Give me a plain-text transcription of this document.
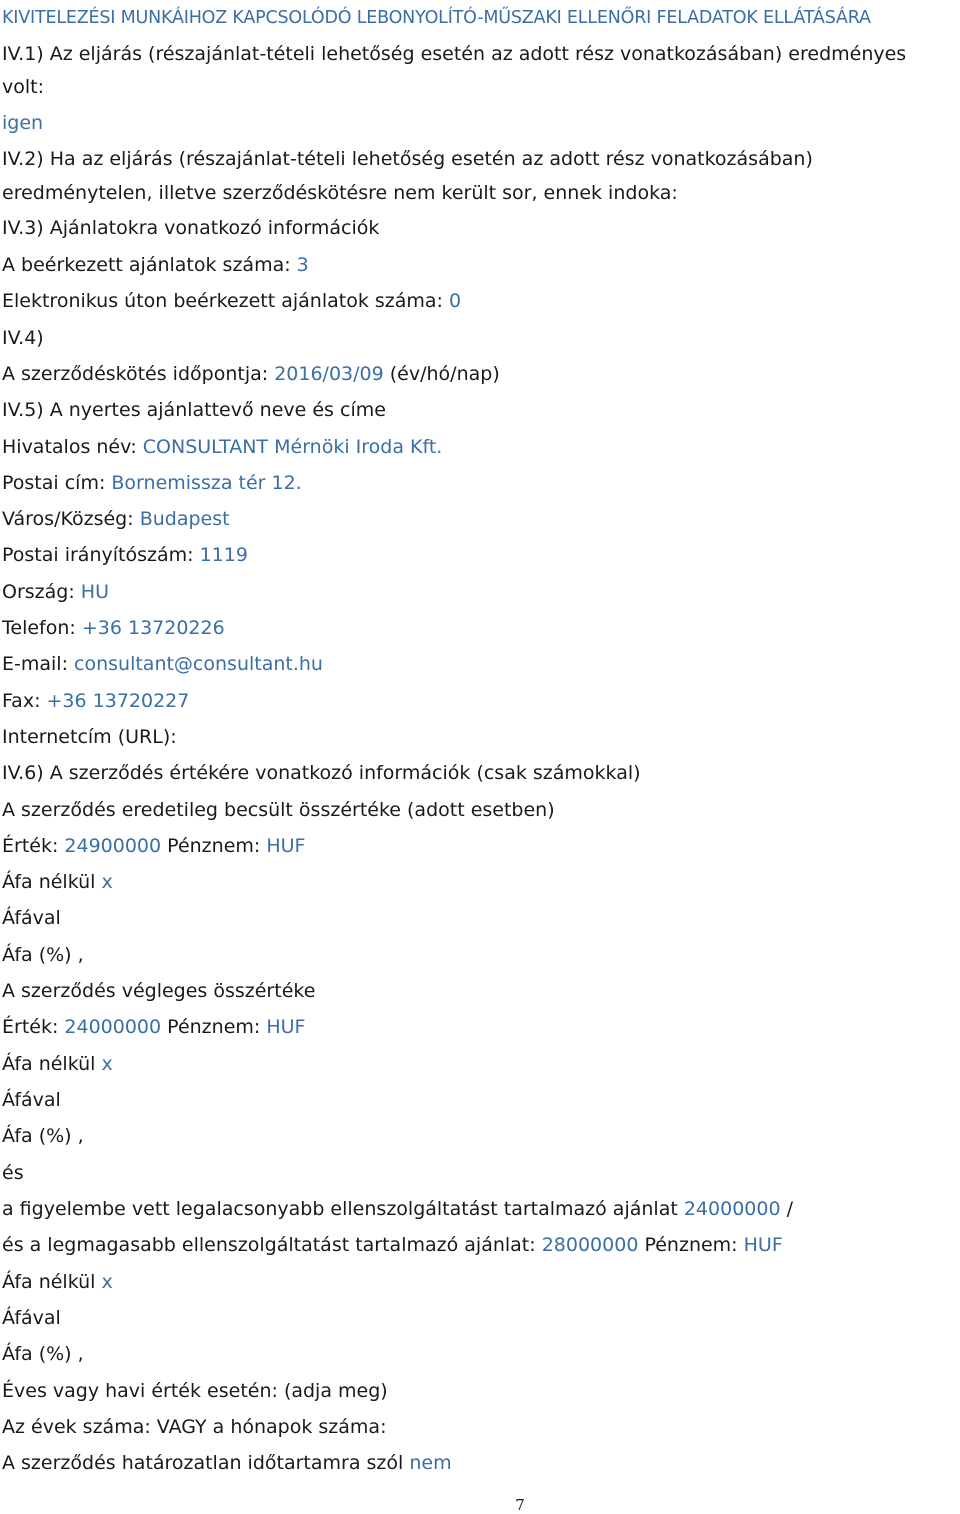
KIVITELEZÉSI MUNKÁIHOZ KAPCSOLÓDÓ LEBONYOLÍTÓ-MŰSZAKI ELLENŐRI FELADATOK ELLÁTÁSÁRA
IV.1) Az eljárás (részajánlat-tételi lehetőség esetén az adott rész vonatkozásában) eredményes
volt:
igen
IV.2) Ha az eljárás (részajánlat-tételi lehetőség esetén az adott rész vonatkozásában)
eredménytelen, illetve szerződéskötésre nem került sor, ennek indoka:
IV.3) Ajánlatokra vonatkozó információk
A beérkezett ajánlatok száma: 3
Elektronikus úton beérkezett ajánlatok száma: 0
IV.4)
A szerződéskötés időpontja: 2016/03/09 (év/hó/nap)
IV.5) A nyertes ajánlattevő neve és címe
Hivatalos név: CONSULTANT Mérnöki Iroda Kft.
Postai cím: Bornemissza tér 12.
Város/Község: Budapest
Postai irányítószám: 1119
Ország: HU
Telefon: +36 13720226
E-mail: consultant@consultant.hu
Fax: +36 13720227
Internetcím (URL):
IV.6) A szerződés értékére vonatkozó információk (csak számokkal)
A szerződés eredetileg becsült összértéke (adott esetben)
Érték: 24900000 Pénznem: HUF
Áfa nélkül x
Áfával
Áfa (%) ,
A szerződés végleges összértéke
Érték: 24000000 Pénznem: HUF
Áfa nélkül x
Áfával
Áfa (%) ,
és
a figyelembe vett legalacsonyabb ellenszolgáltatást tartalmazó ajánlat 24000000 /
és a legmagasabb ellenszolgáltatást tartalmazó ajánlat: 28000000 Pénznem: HUF
Áfa nélkül x
Áfával
Áfa (%) ,
Éves vagy havi érték esetén: (adja meg)
Az évek száma: VAGY a hónapok száma:
A szerződés határozatlan időtartamra szól nem
7
